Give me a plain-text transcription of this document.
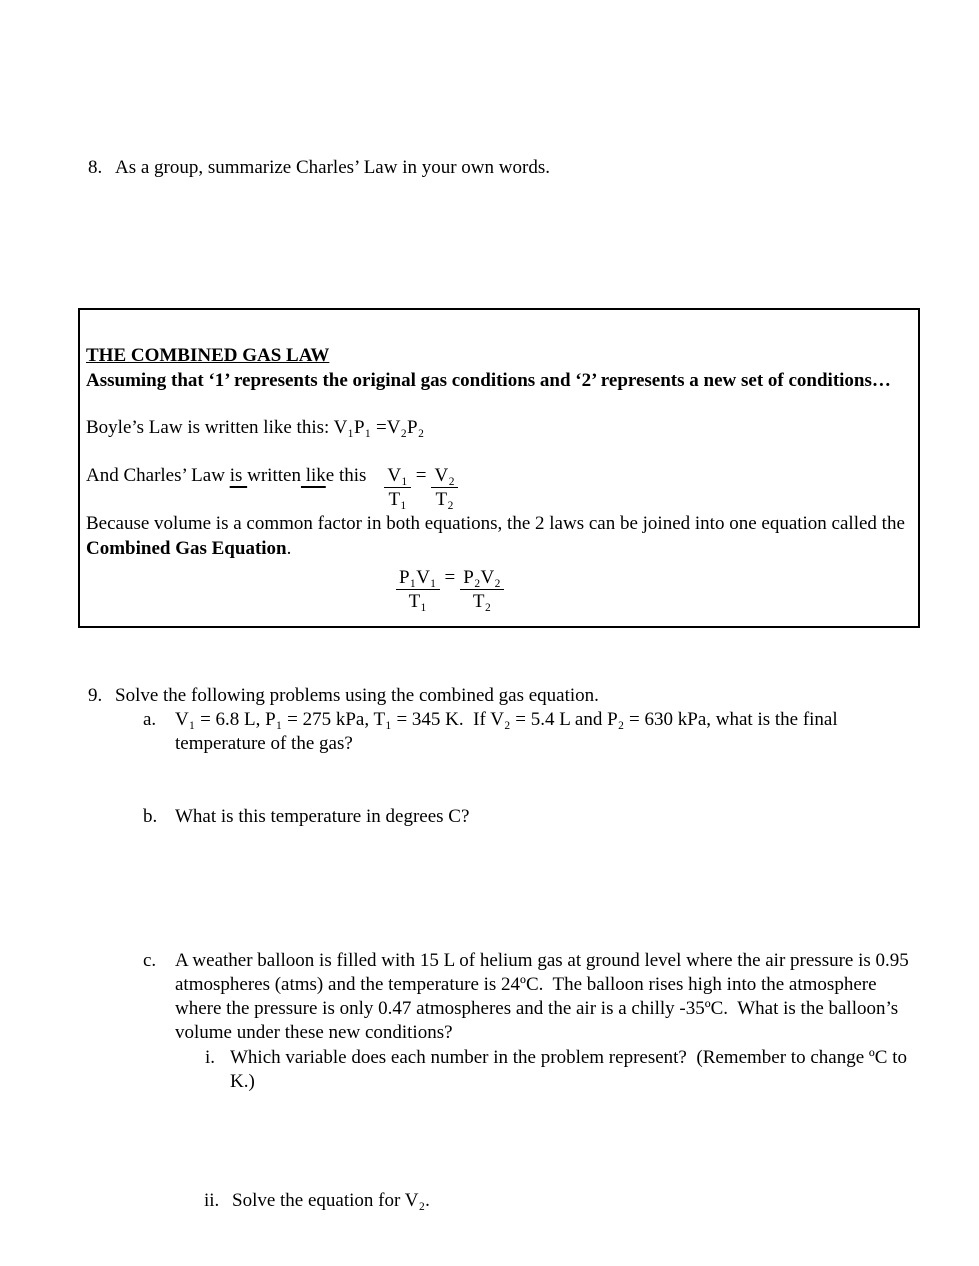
8. As a group, summarize Charles’ Law in your own words.
THE COMBINED GAS LAW
Assuming that ‘1’ represents the original gas conditions and ‘2’ represents a new set of conditions…
Boyle’s Law is written like this: V₁P₁ =V₂P₂
And Charles’ Law is written like this $\frac{\text{V₁}}{\text{T₁}} = \frac{\text{V₂}}{\text{T₂}}$
Because volume is a common factor in both equations, the 2 laws can be joined into one equation called the
Combined Gas Equation.
$\frac{\text{P₁V₁}}{\text{T₁}} = \frac{\text{P₂V₂}}{\text{T₂}}$
9. Solve the following problems using the combined gas equation.
a. V₁ = 6.8 L, P₁ = 275 kPa, T₁ = 345 K.  If V₂ = 5.4 L and P₂ = 630 kPa, what is the final
temperature of the gas?
b. What is this temperature in degrees C?
c. A weather balloon is filled with 15 L of helium gas at ground level where the air pressure is 0.95
atmospheres (atms) and the temperature is 24ºC.  The balloon rises high into the atmosphere
where the pressure is only 0.47 atmospheres and the air is a chilly -35ºC.  What is the balloon’s
volume under these new conditions?
i. Which variable does each number in the problem represent?  (Remember to change ºC to
K.)
ii. Solve the equation for V₂.
